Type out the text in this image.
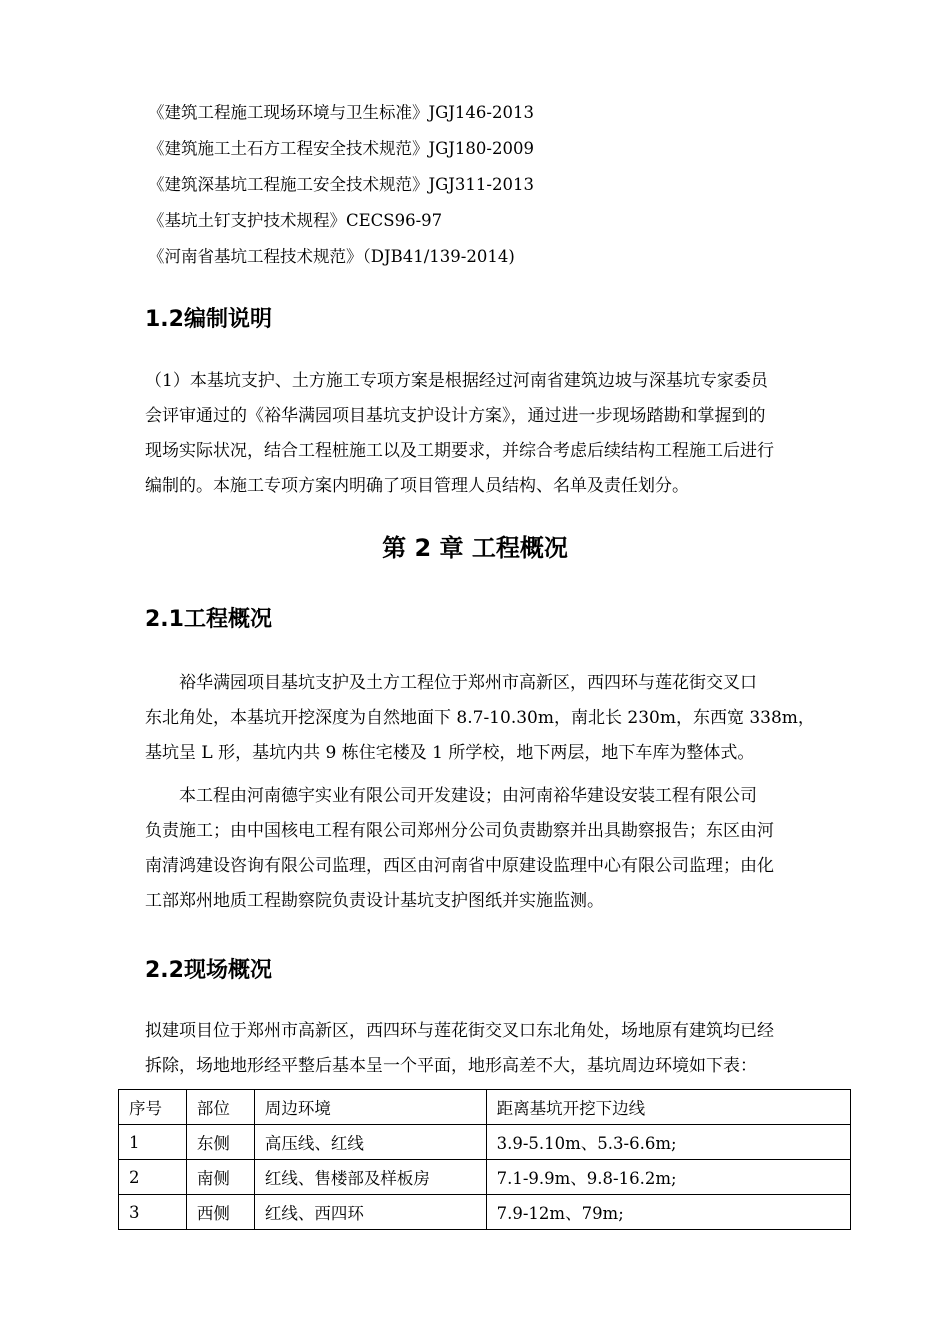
《建筑工程施工现场环境与卫生标准》JGJ146-2013
《建筑施工土石方工程安全技术规范》JGJ180-2009
《建筑深基坑工程施工安全技术规范》JGJ311-2013
《基坑土钉支护技术规程》CECS96-97
《河南省基坑工程技术规范》（DJB41/139-2014)
1.2编制说明
（1）本基坑支护、土方施工专项方案是根据经过河南省建筑边坡与深基坑专家委员
会评审通过的《裕华满园项目基坑支护设计方案》，通过进一步现场踏勘和掌握到的
现场实际状况，结合工程桩施工以及工期要求，并综合考虑后续结构工程施工后进行
编制的。本施工专项方案内明确了项目管理人员结构、名单及责任划分。
第 2 章 工程概况
2.1工程概况
　　裕华满园项目基坑支护及土方工程位于郑州市高新区，西四环与莲花街交叉口
东北角处，本基坑开挖深度为自然地面下 8.7-10.30m，南北长 230m，东西宽 338m，
基坑呈 L 形，基坑内共 9 栋住宅楼及 1 所学校，地下两层，地下车库为整体式。
　　本工程由河南德宇实业有限公司开发建设；由河南裕华建设安装工程有限公司
负责施工；由中国核电工程有限公司郑州分公司负责勘察并出具勘察报告；东区由河
南清鸿建设咨询有限公司监理，西区由河南省中原建设监理中心有限公司监理；由化
工部郑州地质工程勘察院负责设计基坑支护图纸并实施监测。
2.2现场概况
拟建项目位于郑州市高新区，西四环与莲花街交叉口东北角处，场地原有建筑均已经
拆除，场地地形经平整后基本呈一个平面，地形高差不大，基坑周边环境如下表：
序号	部位	周边环境	距离基坑开挖下边线
1	东侧	高压线、红线	3.9-5.10m、5.3-6.6m;
2	南侧	红线、售楼部及样板房	7.1-9.9m、9.8-16.2m;
3	西侧	红线、西四环	7.9-12m、79m;
